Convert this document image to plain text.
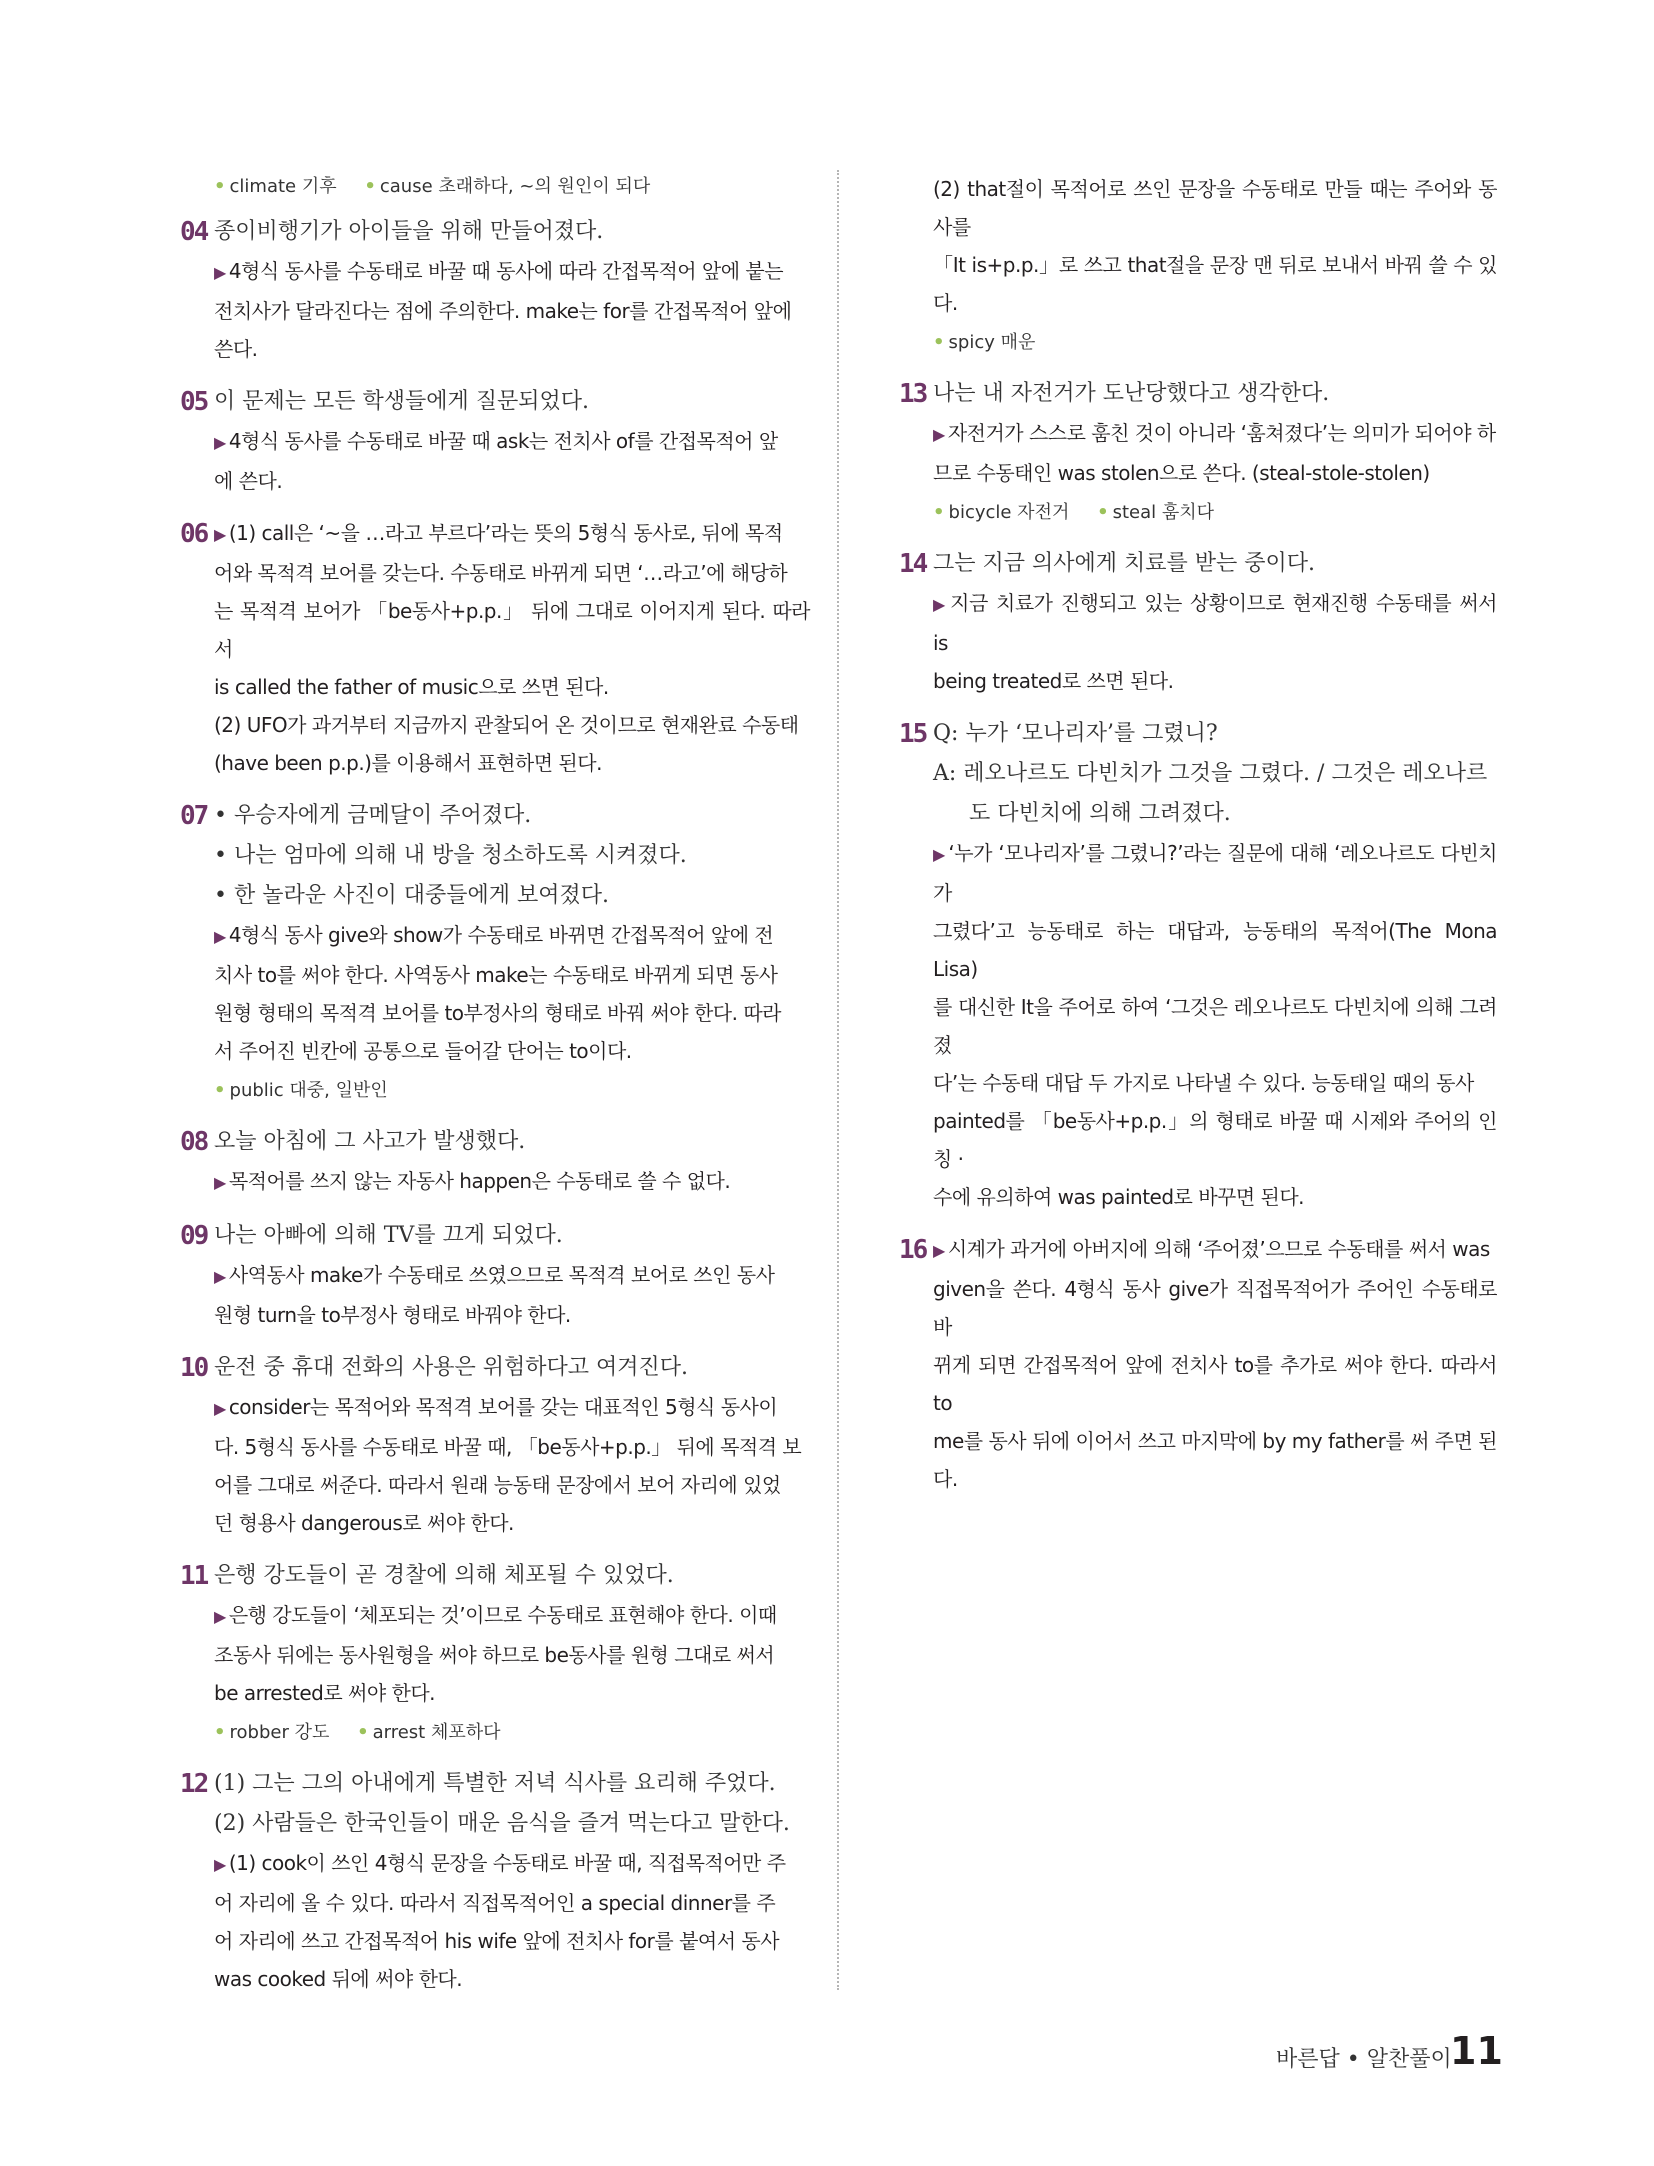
• climate 기후 • cause 초래하다, ~의 원인이 되다

04 종이비행기가 아이들을 위해 만들어졌다.

▶ 4형식 동사를 수동태로 바꿀 때 동사에 따라 간접목적어 앞에 붙는
전치사가 달라진다는 점에 주의한다. make는 for를 간접목적어 앞에
쓴다.

05 이 문제는 모든 학생들에게 질문되었다.

▶ 4형식 동사를 수동태로 바꿀 때 ask는 전치사 of를 간접목적어 앞
에 쓴다.

06 ▶ (1) call은 ‘~을 …라고 부르다’라는 뜻의 5형식 동사로, 뒤에 목적
어와 목적격 보어를 갖는다. 수동태로 바뀌게 되면 ‘…라고’에 해당하
는 목적격 보어가 「be동사+p.p.」 뒤에 그대로 이어지게 된다. 따라서
is called the father of music으로 쓰면 된다.
(2) UFO가 과거부터 지금까지 관찰되어 온 것이므로 현재완료 수동태
(have been p.p.)를 이용해서 표현하면 된다.

07 • 우승자에게 금메달이 주어졌다.

• 나는 엄마에 의해 내 방을 청소하도록 시켜졌다.

• 한 놀라운 사진이 대중들에게 보여졌다.

▶ 4형식 동사 give와 show가 수동태로 바뀌면 간접목적어 앞에 전
치사 to를 써야 한다. 사역동사 make는 수동태로 바뀌게 되면 동사
원형 형태의 목적격 보어를 to부정사의 형태로 바꿔 써야 한다. 따라
서 주어진 빈칸에 공통으로 들어갈 단어는 to이다.

• public 대중, 일반인

08 오늘 아침에 그 사고가 발생했다.

▶ 목적어를 쓰지 않는 자동사 happen은 수동태로 쓸 수 없다.

09 나는 아빠에 의해 TV를 끄게 되었다.

▶ 사역동사 make가 수동태로 쓰였으므로 목적격 보어로 쓰인 동사
원형 turn을 to부정사 형태로 바꿔야 한다.

10 운전 중 휴대 전화의 사용은 위험하다고 여겨진다.

▶ consider는 목적어와 목적격 보어를 갖는 대표적인 5형식 동사이
다. 5형식 동사를 수동태로 바꿀 때, 「be동사+p.p.」 뒤에 목적격 보
어를 그대로 써준다. 따라서 원래 능동태 문장에서 보어 자리에 있었
던 형용사 dangerous로 써야 한다.

11 은행 강도들이 곧 경찰에 의해 체포될 수 있었다.

▶ 은행 강도들이 ‘체포되는 것’이므로 수동태로 표현해야 한다. 이때
조동사 뒤에는 동사원형을 써야 하므로 be동사를 원형 그대로 써서
be arrested로 써야 한다.

• robber 강도 • arrest 체포하다

12 (1) 그는 그의 아내에게 특별한 저녁 식사를 요리해 주었다.

(2) 사람들은 한국인들이 매운 음식을 즐겨 먹는다고 말한다.

▶ (1) cook이 쓰인 4형식 문장을 수동태로 바꿀 때, 직접목적어만 주
어 자리에 올 수 있다. 따라서 직접목적어인 a special dinner를 주
어 자리에 쓰고 간접목적어 his wife 앞에 전치사 for를 붙여서 동사
was cooked 뒤에 써야 한다.

(2) that절이 목적어로 쓰인 문장을 수동태로 만들 때는 주어와 동사를
「It is+p.p.」로 쓰고 that절을 문장 맨 뒤로 보내서 바꿔 쓸 수 있다.

• spicy 매운

13 나는 내 자전거가 도난당했다고 생각한다.

▶ 자전거가 스스로 훔친 것이 아니라 ‘훔쳐졌다’는 의미가 되어야 하
므로 수동태인 was stolen으로 쓴다. (steal-stole-stolen)

• bicycle 자전거 • steal 훔치다

14 그는 지금 의사에게 치료를 받는 중이다.

▶ 지금 치료가 진행되고 있는 상황이므로 현재진행 수동태를 써서 is
being treated로 쓰면 된다.

15 Q: 누가 ‘모나리자’를 그렸니?

A: 레오나르도 다빈치가 그것을 그렸다. / 그것은 레오나르

도 다빈치에 의해 그려졌다.

▶ ‘누가 ‘모나리자’를 그렸니?’라는 질문에 대해 ‘레오나르도 다빈치가
그렸다’고 능동태로 하는 대답과, 능동태의 목적어(The Mona Lisa)
를 대신한 It을 주어로 하여 ‘그것은 레오나르도 다빈치에 의해 그려졌
다’는 수동태 대답 두 가지로 나타낼 수 있다. 능동태일 때의 동사
painted를 「be동사+p.p.」의 형태로 바꿀 때 시제와 주어의 인칭 ·
수에 유의하여 was painted로 바꾸면 된다.

16 ▶ 시계가 과거에 아버지에 의해 ‘주어졌’으므로 수동태를 써서 was
given을 쓴다. 4형식 동사 give가 직접목적어가 주어인 수동태로 바
뀌게 되면 간접목적어 앞에 전치사 to를 추가로 써야 한다. 따라서 to
me를 동사 뒤에 이어서 쓰고 마지막에 by my father를 써 주면 된다.

바른답 • 알찬풀이
11
